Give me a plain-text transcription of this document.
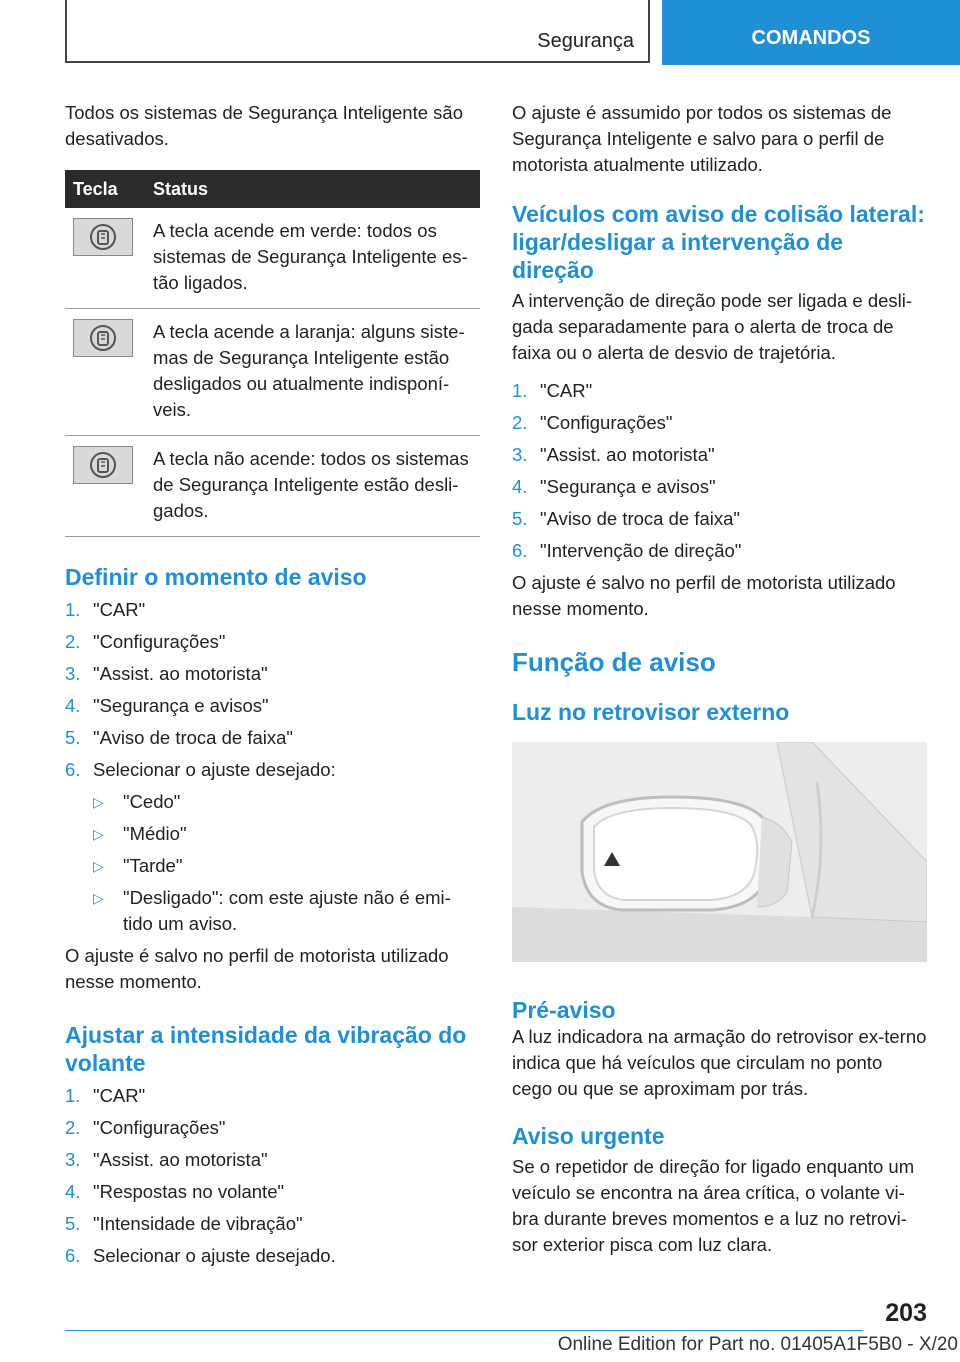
Segurança	COMANDOS

Todos os sistemas de Segurança Inteligente são desativados.

Tecla	Status

	A tecla acende em verde: todos os sistemas de Segurança Inteligente es-tão ligados.

	A tecla acende a laranja: alguns siste-mas de Segurança Inteligente estão desligados ou atualmente indisponí-veis.

	A tecla não acende: todos os sistemas de Segurança Inteligente estão desli-gados.
Definir o momento de aviso
1. "CAR"
2. "Configurações"
3. "Assist. ao motorista"
4. "Segurança e avisos"
5. "Aviso de troca de faixa"
6. Selecionar o ajuste desejado:
▷ "Cedo"
▷ "Médio"
▷ "Tarde"
▷ "Desligado": com este ajuste não é emi-tido um aviso.

O ajuste é salvo no perfil de motorista utilizado nesse momento.

Ajustar a intensidade da vibração do volante
1. "CAR"
2. "Configurações"
3. "Assist. ao motorista"
4. "Respostas no volante"
5. "Intensidade de vibração"
6. Selecionar o ajuste desejado.

O ajuste é assumido por todos os sistemas de Segurança Inteligente e salvo para o perfil de motorista atualmente utilizado.

Veículos com aviso de colisão lateral: ligar/desligar a intervenção de direção

A intervenção de direção pode ser ligada e desli-gada separadamente para o alerta de troca de faixa ou o alerta de desvio de trajetória.

1. "CAR"
2. "Configurações"
3. "Assist. ao motorista"
4. "Segurança e avisos"
5. "Aviso de troca de faixa"
6. "Intervenção de direção"

O ajuste é salvo no perfil de motorista utilizado nesse momento.

Função de aviso
Luz no retrovisor externo
Pré-aviso

A luz indicadora na armação do retrovisor ex-terno indica que há veículos que circulam no ponto cego ou que se aproximam por trás.

Aviso urgente

Se o repetidor de direção for ligado enquanto um veículo se encontra na área crítica, o volante vi-bra durante breves momentos e a luz no retrovi-sor exterior pisca com luz clara.

203
Online Edition for Part no. 01405A1F5B0 - X/20
